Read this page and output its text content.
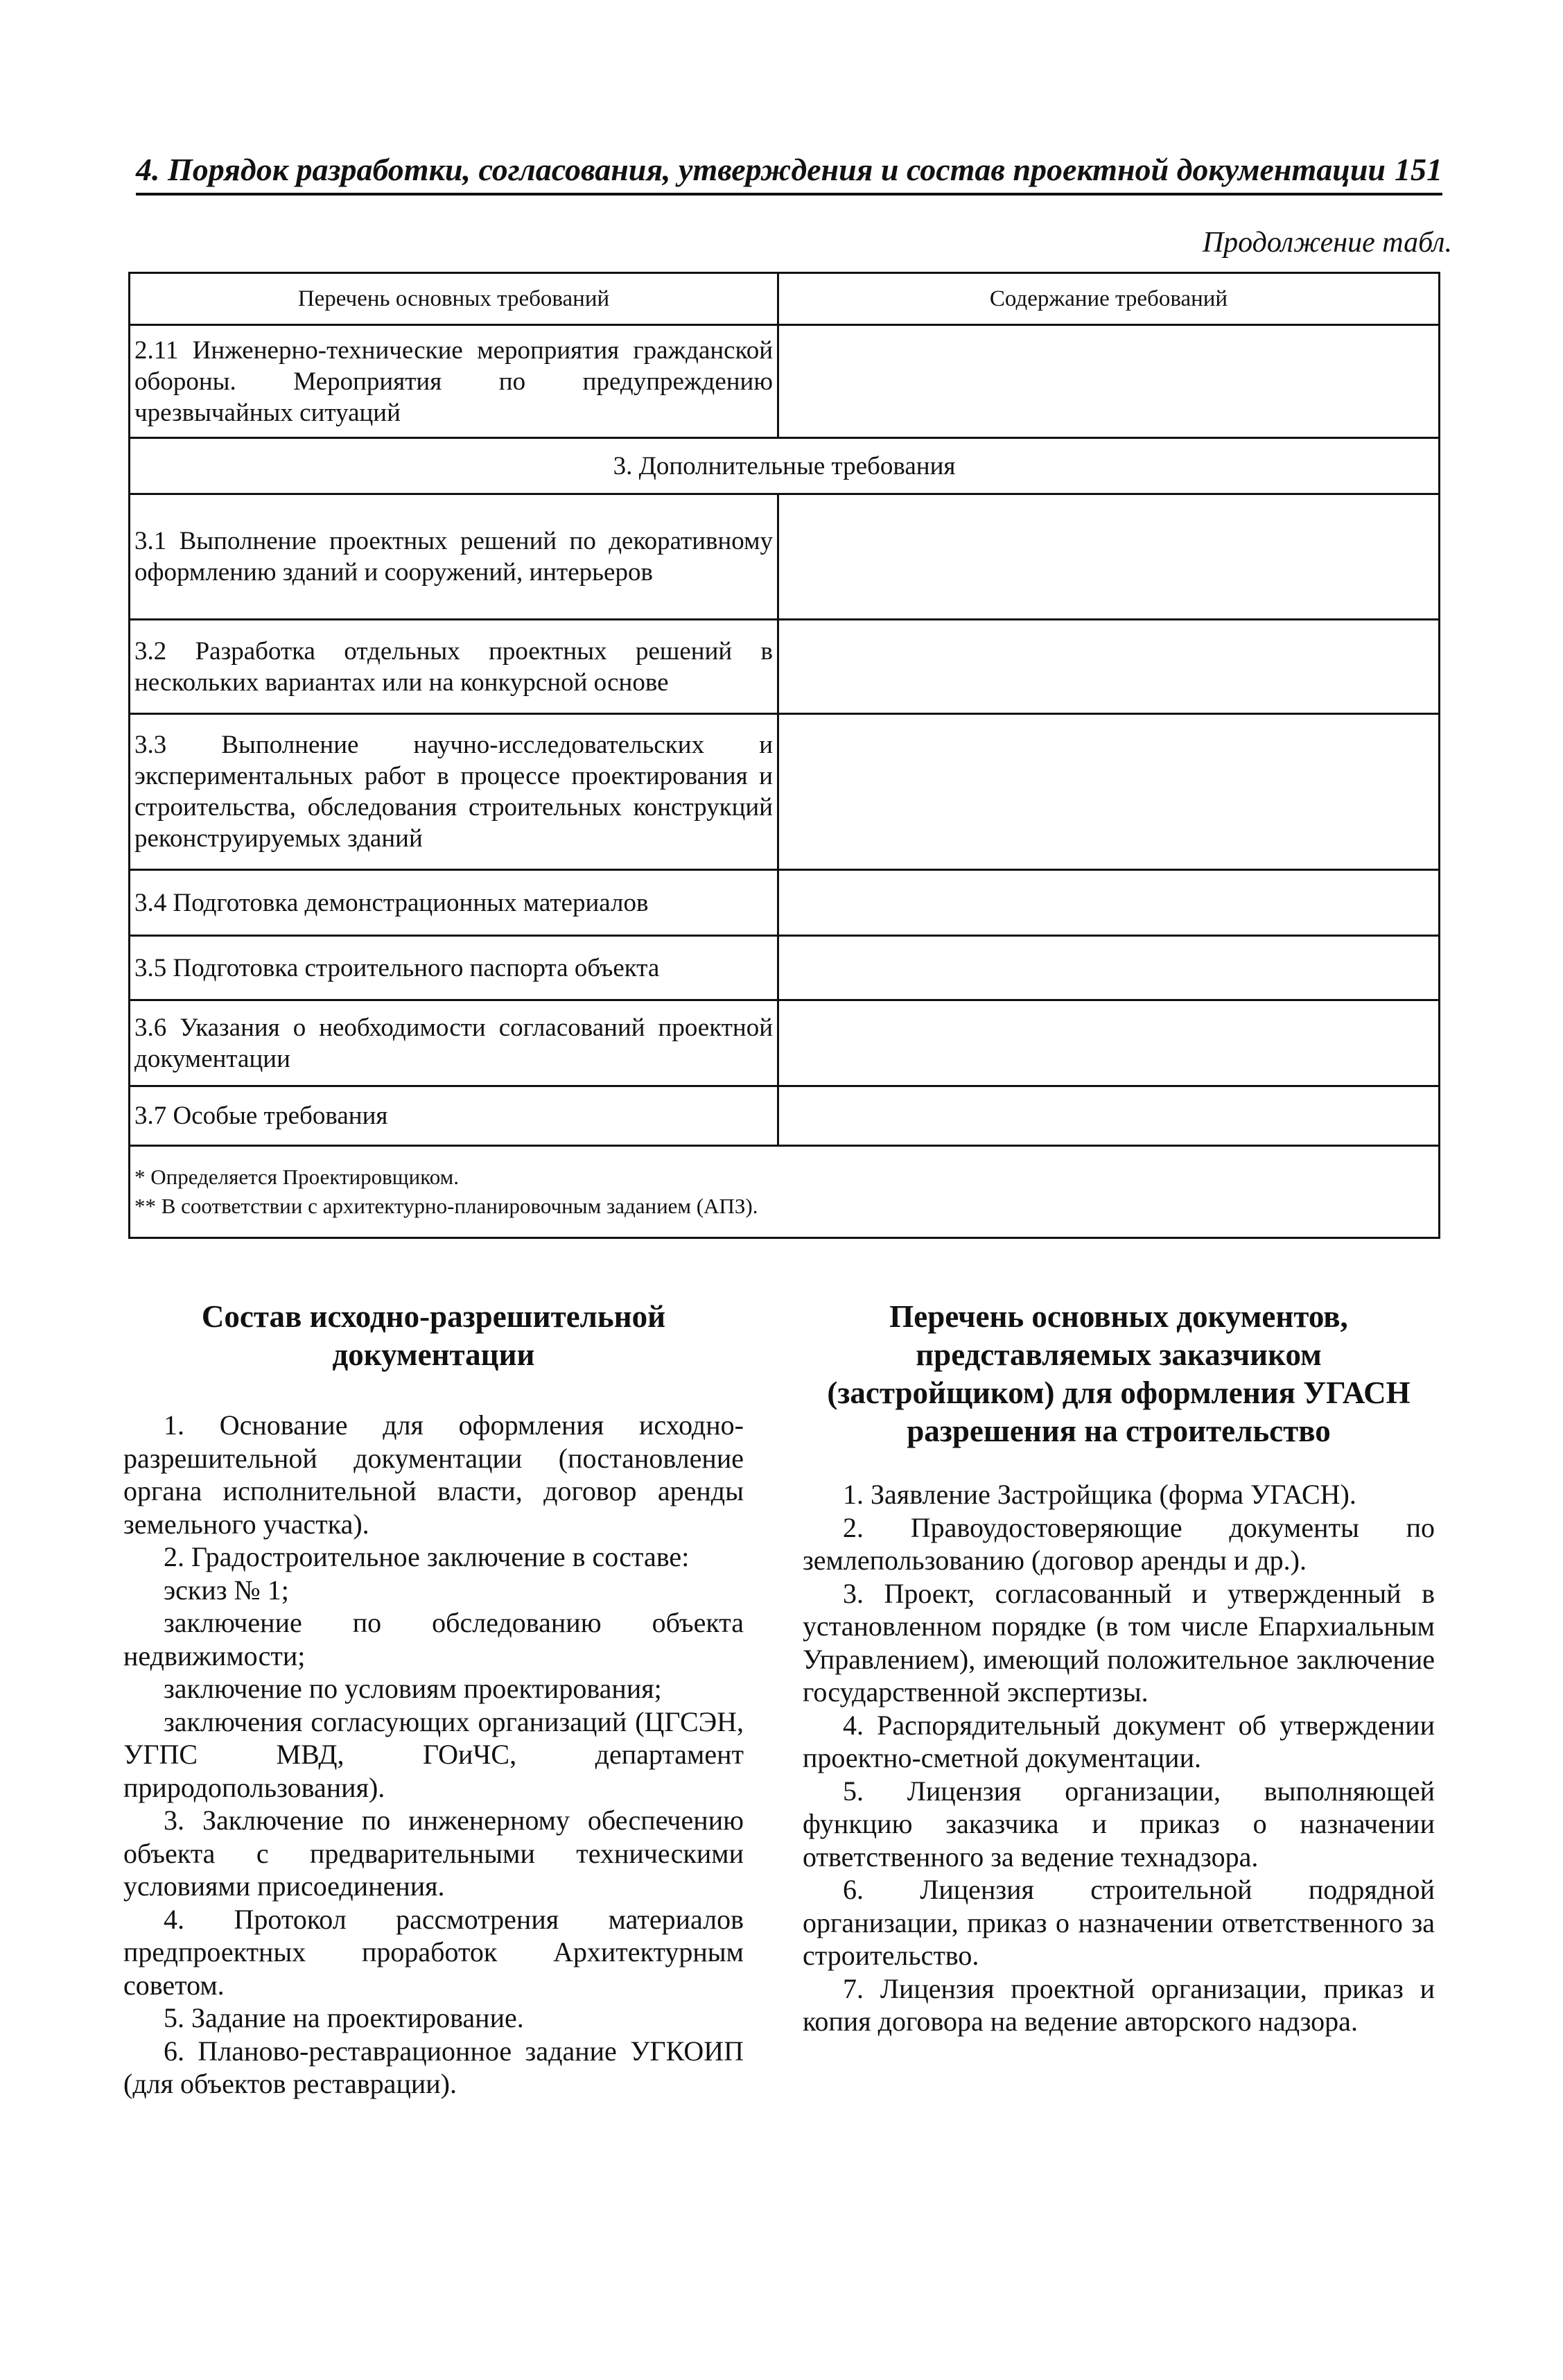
4. Порядок разработки, согласования, утверждения и состав проектной документации 151
Продолжение табл.
Перечень основных требований	Содержание требований
2.11 Инженерно-технические мероприятия гражданской обороны. Мероприятия по предупреждению чрезвычайных ситуаций	
3. Дополнительные требования	
3.1 Выполнение проектных решений по декоративному оформлению зданий и сооружений, интерьеров	
3.2 Разработка отдельных проектных решений в нескольких вариантах или на конкурсной основе	
3.3 Выполнение научно-исследовательских и экспериментальных работ в процессе проектирования и строительства, обследования строительных конструкций реконструируемых зданий	
3.4 Подготовка демонстрационных материалов	
3.5 Подготовка строительного паспорта объекта	
3.6 Указания о необходимости согласований проектной документации	
3.7 Особые требования	

* Определяется Проектировщиком.
** В соответствии с архитектурно-планировочным заданием (АПЗ).	
Состав исходно-разрешительной документации

1. Основание для оформления исходно-разрешительной документации (постановление органа исполнительной власти, договор аренды земельного участка).

2. Градостроительное заключение в составе:

эскиз № 1;

заключение по обследованию объекта недвижимости;

заключение по условиям проектирования;

заключения согласующих организаций (ЦГСЭН, УГПС МВД, ГОиЧС, департамент природопользования).

3. Заключение по инженерному обеспечению объекта с предварительными техническими условиями присоединения.

4. Протокол рассмотрения материалов предпроектных проработок Архитектурным советом.

5. Задание на проектирование.

6. Планово-реставрационное задание УГКОИП (для объектов реставрации).

Перечень основных документов, представляемых заказчиком (застройщиком) для оформления УГАСН разрешения на строительство

1. Заявление Застройщика (форма УГАСН).

2. Правоудостоверяющие документы по землепользованию (договор аренды и др.).

3. Проект, согласованный и утвержденный в установленном порядке (в том числе Епархиальным Управлением), имеющий положительное заключение государственной экспертизы.

4. Распорядительный документ об утверждении проектно-сметной документации.

5. Лицензия организации, выполняющей функцию заказчика и приказ о назначении ответственного за ведение технадзора.

6. Лицензия строительной подрядной организации, приказ о назначении ответственного за строительство.

7. Лицензия проектной организации, приказ и копия договора на ведение авторского надзора.
